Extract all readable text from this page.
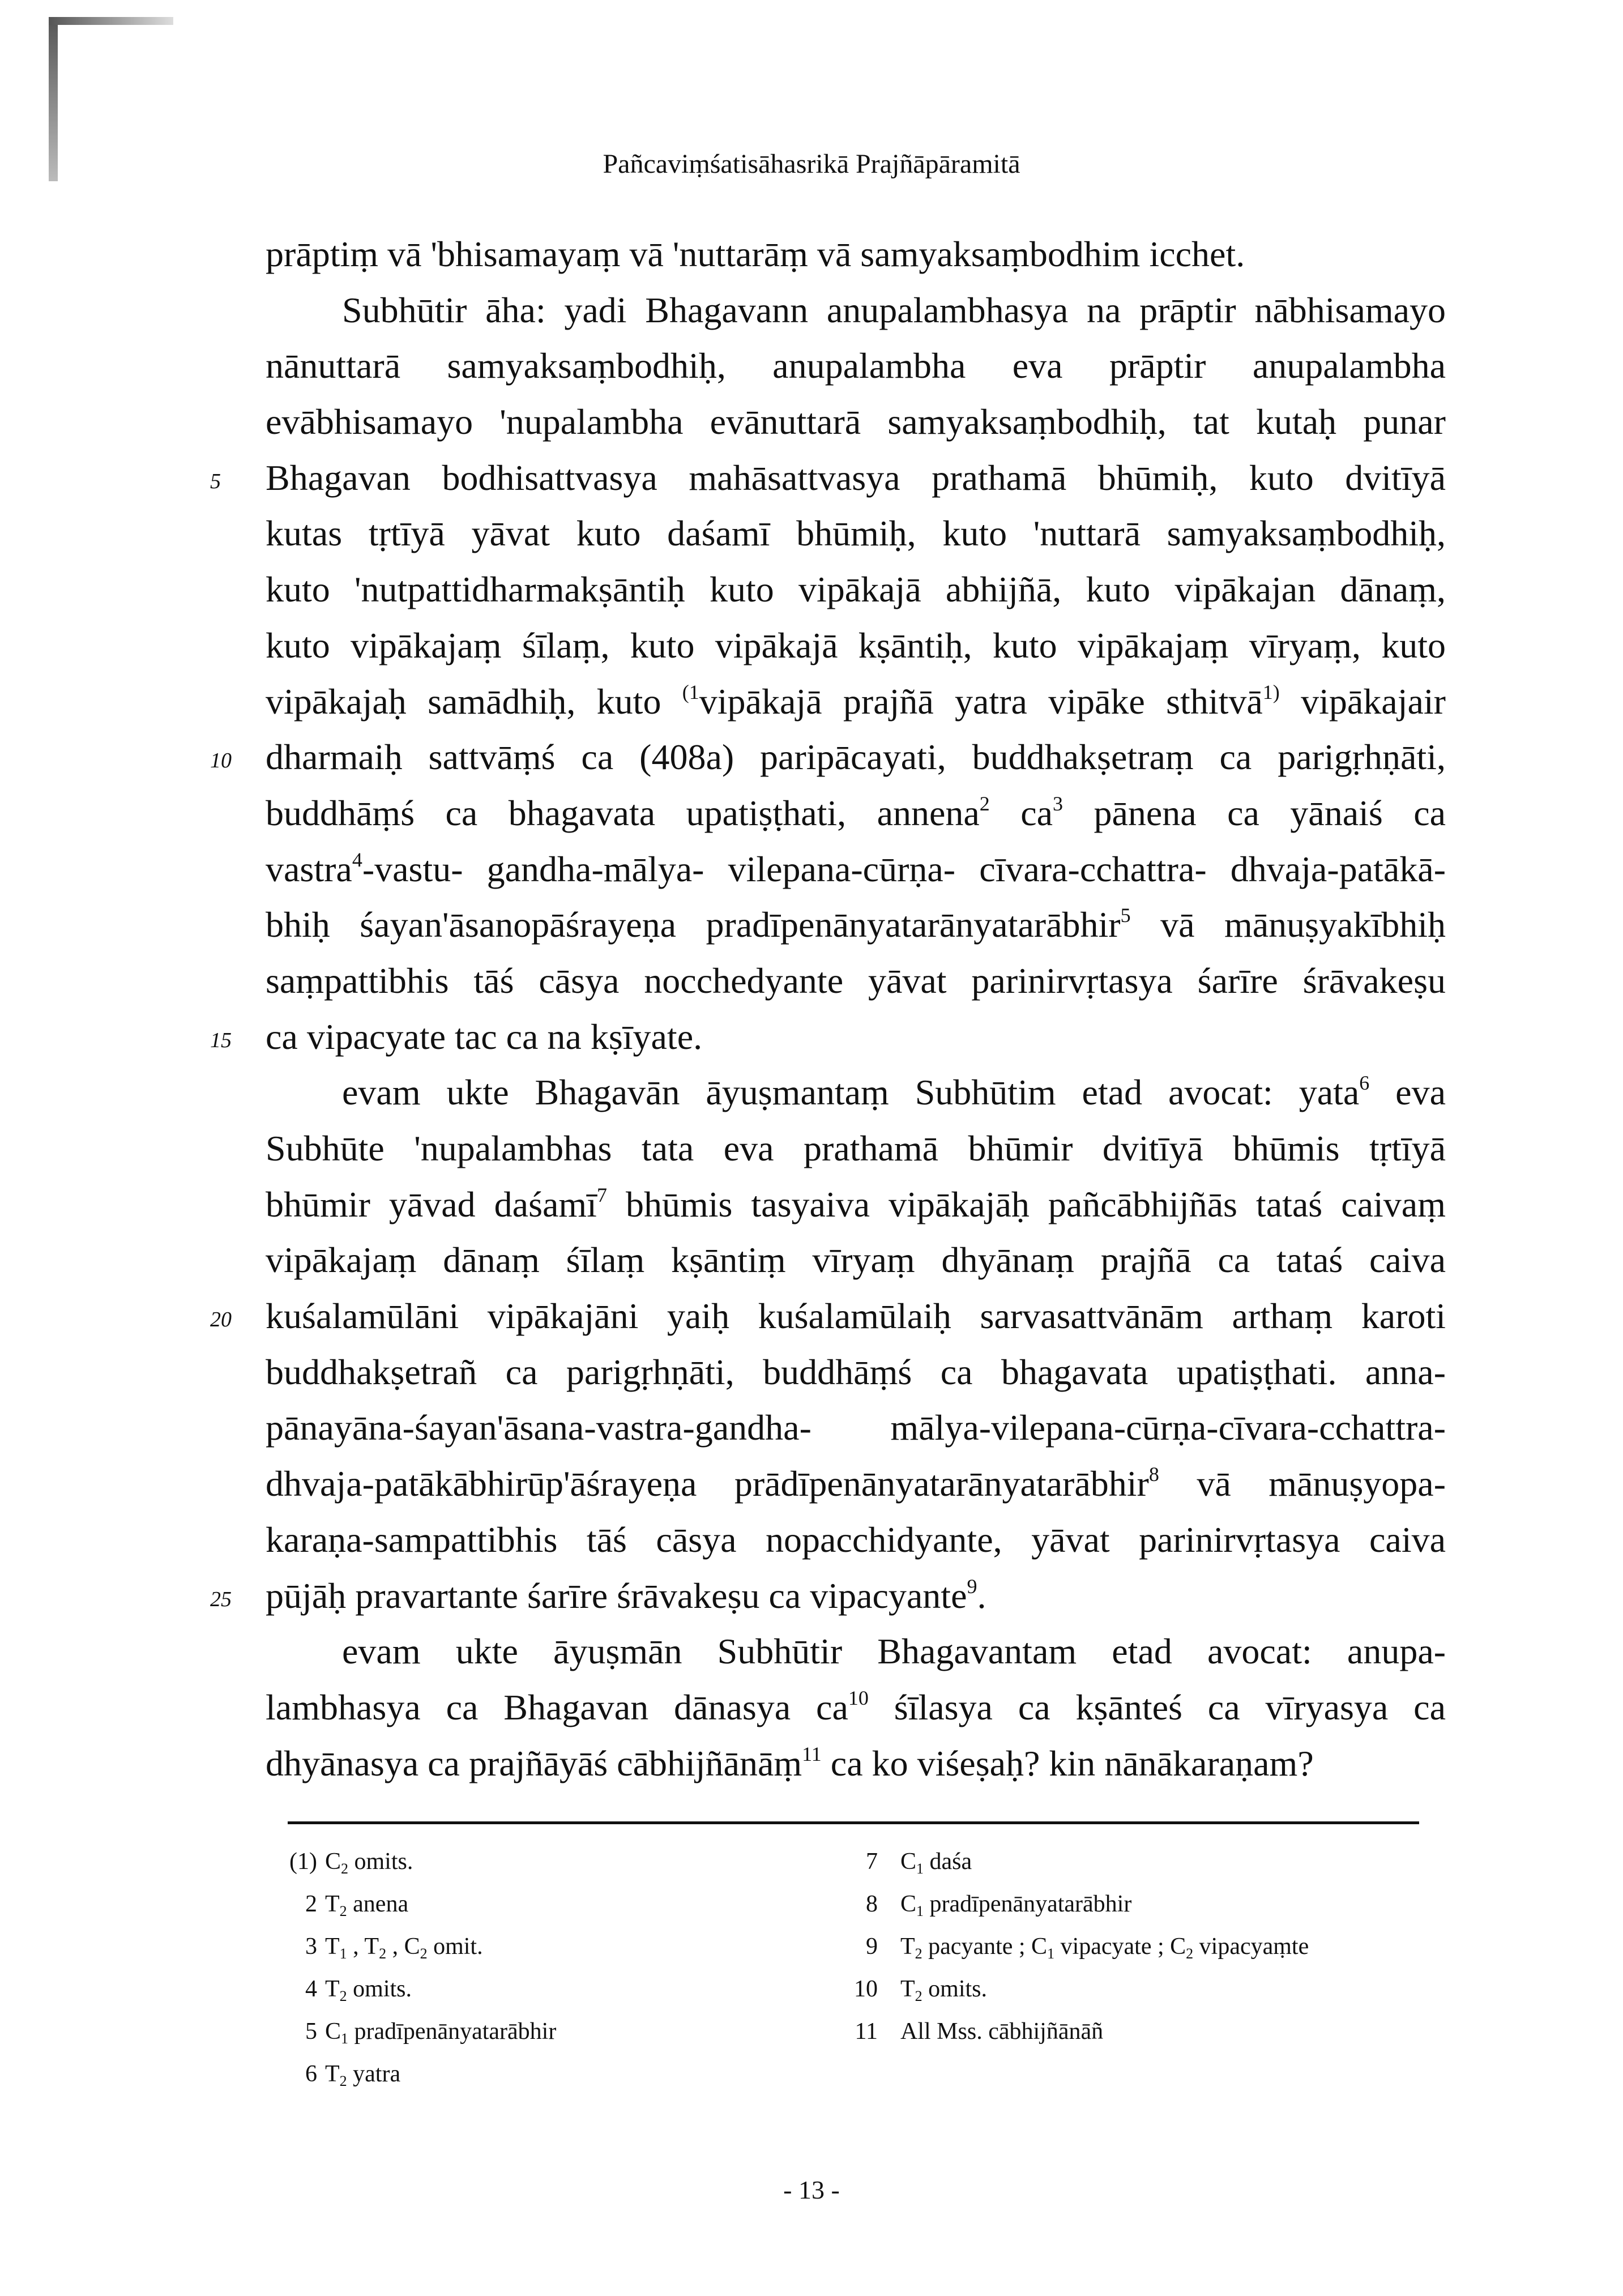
Pañcaviṃśatisāhasrikā Prajñāpāramitā
prāptiṃ vā 'bhisamayaṃ vā 'nuttarāṃ vā samyaksaṃbodhim icchet.
Subhūtir āha: yadi Bhagavann anupalambhasya na prāptir nābhisamayo
nānuttarā samyaksaṃbodhiḥ, anupalambha eva prāptir anupalambha
evābhisamayo 'nupalambha evānuttarā samyaksaṃbodhiḥ, tat kutaḥ punar
5 Bhagavan bodhisattvasya mahāsattvasya prathamā bhūmiḥ, kuto dvitīyā
kutas tṛtīyā yāvat kuto daśamī bhūmiḥ, kuto 'nuttarā samyaksaṃbodhiḥ,
kuto 'nutpattidharmakṣāntiḥ kuto vipākajā abhijñā, kuto vipākajan dānaṃ,
kuto vipākajaṃ śīlaṃ, kuto vipākajā kṣāntiḥ, kuto vipākajaṃ vīryaṃ, kuto
vipākajaḥ samādhiḥ, kuto $^{(1}$vipākajā prajñā yatra vipāke sthitvā$^{1)}$ vipākajair
10 dharmaiḥ sattvāṃś ca (408a) paripācayati, buddhakṣetraṃ ca parigṛhṇāti,
buddhāṃś ca bhagavata upatiṣṭhati, annena$^2$ $ca^3$ pānena ca yānaiś ca
vastra$^4$-vastu- gandha-mālya- vilepana-cūrṇa- cīvara-cchattra- dhvaja-patākā-
bhiḥ śayan'āsanopāśrayeṇa pradīpenānyatarānyatarābhir$^5$ vā mānuṣyakībhiḥ
saṃpattibhis tāś cāsya nocchedyante yāvat parinirvṛtasya śarīre śrāvakeṣu
15 ca vipacyate tac ca na kṣīyate.
evam ukte Bhagavān āyuṣmantaṃ Subhūtim etad avocat: yata$^6$ eva
Subhūte 'nupalambhas tata eva prathamā bhūmir dvitīyā bhūmis tṛtīyā
bhūmir yāvad daśamī$^7$ bhūmis tasyaiva vipākajāḥ pañcābhijñās tataś caivaṃ
vipākajaṃ dānaṃ śīlaṃ kṣāntiṃ vīryaṃ dhyānaṃ prajñā ca tataś caiva
20 kuśalamūlāni vipākajāni yaiḥ kuśalamūlaiḥ sarvasattvānām arthaṃ karoti
buddhakṣetrañ ca parigṛhṇāti, buddhāṃś ca bhagavata upatiṣṭhati. anna-
pānayāna-śayan'āsana-vastra-gandha- mālya-vilepana-cūrṇa-cīvara-cchattra-
dhvaja-patākābhirūp'āśrayeṇa prādīpenānyatarānyatarābhir$^8$ vā mānuṣyopa-
karaṇa-sampattibhis tāś cāsya nopacchidyante, yāvat parinirvṛtasya caiva
25 pūjāḥ pravartante śarīre śrāvakeṣu ca vipacyante$^9$.
evam ukte āyuṣmān Subhūtir Bhagavantam etad avocat: anupa-
lambhasya ca Bhagavan dānasya $ca^{10}$ śīlasya ca kṣānteś ca vīryasya ca
dhyānasya ca prajñāyāś cābhijñānāṃ$^{11}$ ca ko viśeṣaḥ? kin nānākaraṇam?
(1) $C_2$ omits.
2 $T_2$ anena
3 $T_1$ , $T_2$ , $C_2$ omit.
4 $T_2$ omits.
5 $C_1$ pradīpenānyatarābhir
6 $T_2$ yatra
7 $C_1$ daśa
8 $C_1$ pradīpenānyatarābhir
9 $T_2$ pacyante ; $C_1$ vipacyate ; $C_2$ vipacyaṃte
10 $T_2$ omits.
11 All Mss. cābhijñānāñ
- 13 -
